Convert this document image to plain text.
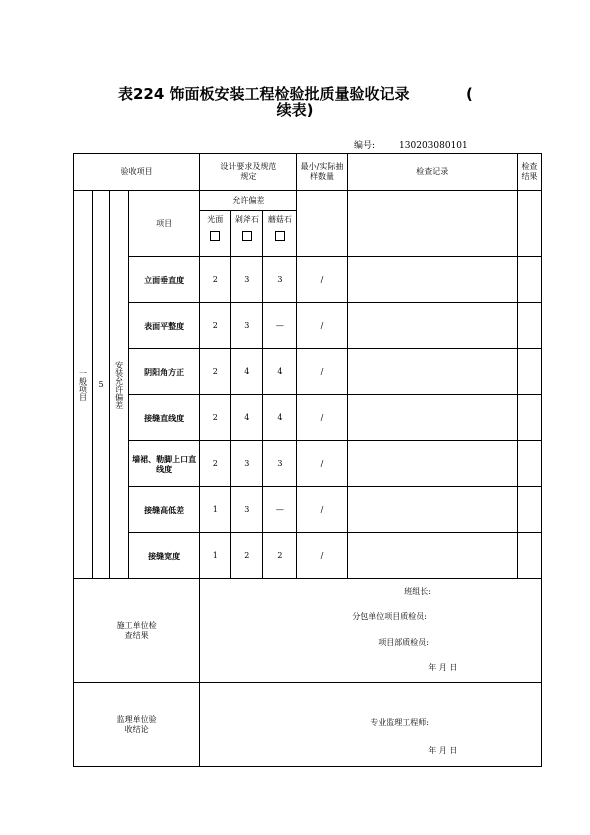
表224 饰面板安装工程检验批质量验收记录	(
续表)
编号:	130203080101
验收项目				设计要求及规范规定			最小/实际抽样数量	检查记录	检查结果

一般项目	5	安装允许偏差	项目	允许偏差					

				光面	剁斧石	蘑菇石			

			立面垂直度	2	3	3	/		
			表面平整度	2	3	—	/		
			阴阳角方正	2	4	4	/		
			接缝直线度	2	4	4	/		

			墙裙、勒脚上口直线度	2	3	3	/		
			接缝高低差	1	3	—	/		
			接缝宽度	1	2	2	/		

施工单位检查结果				班组长:
分包单位项目质检员:
项目部质检员:
年 月 日					

监理单位验收结论				专业监理工程师:
年 月 日					
